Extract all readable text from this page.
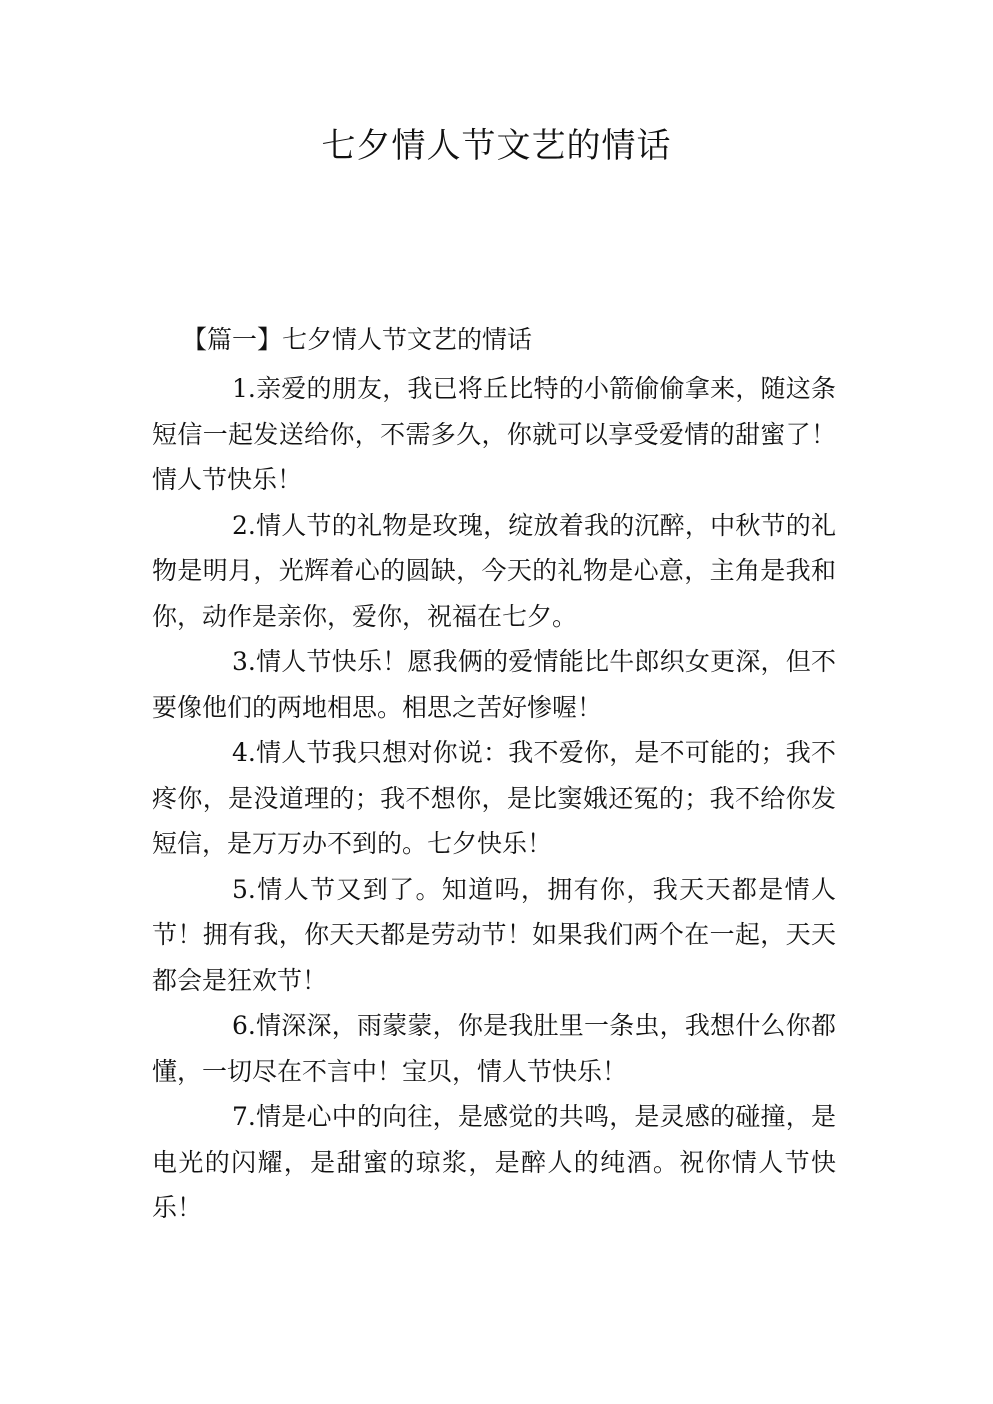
七夕情人节文艺的情话
【篇一】七夕情人节文艺的情话

1.亲爱的朋友，我已将丘比特的小箭偷偷拿来，随这条短信一起发送给你，不需多久，你就可以享受爱情的甜蜜了！情人节快乐！

2.情人节的礼物是玫瑰，绽放着我的沉醉，中秋节的礼物是明月，光辉着心的圆缺，今天的礼物是心意，主角是我和你，动作是亲你，爱你，祝福在七夕。

3.情人节快乐！愿我俩的爱情能比牛郎织女更深，但不要像他们的两地相思。相思之苦好惨喔！

4.情人节我只想对你说：我不爱你，是不可能的；我不疼你，是没道理的；我不想你，是比窦娥还冤的；我不给你发短信，是万万办不到的。七夕快乐！

5.情人节又到了。知道吗，拥有你，我天天都是情人节！拥有我，你天天都是劳动节！如果我们两个在一起，天天都会是狂欢节！

6.情深深，雨蒙蒙，你是我肚里一条虫，我想什么你都懂，一切尽在不言中！宝贝，情人节快乐！

7.情是心中的向往，是感觉的共鸣，是灵感的碰撞，是电光的闪耀，是甜蜜的琼浆，是醉人的纯酒。祝你情人节快乐！
